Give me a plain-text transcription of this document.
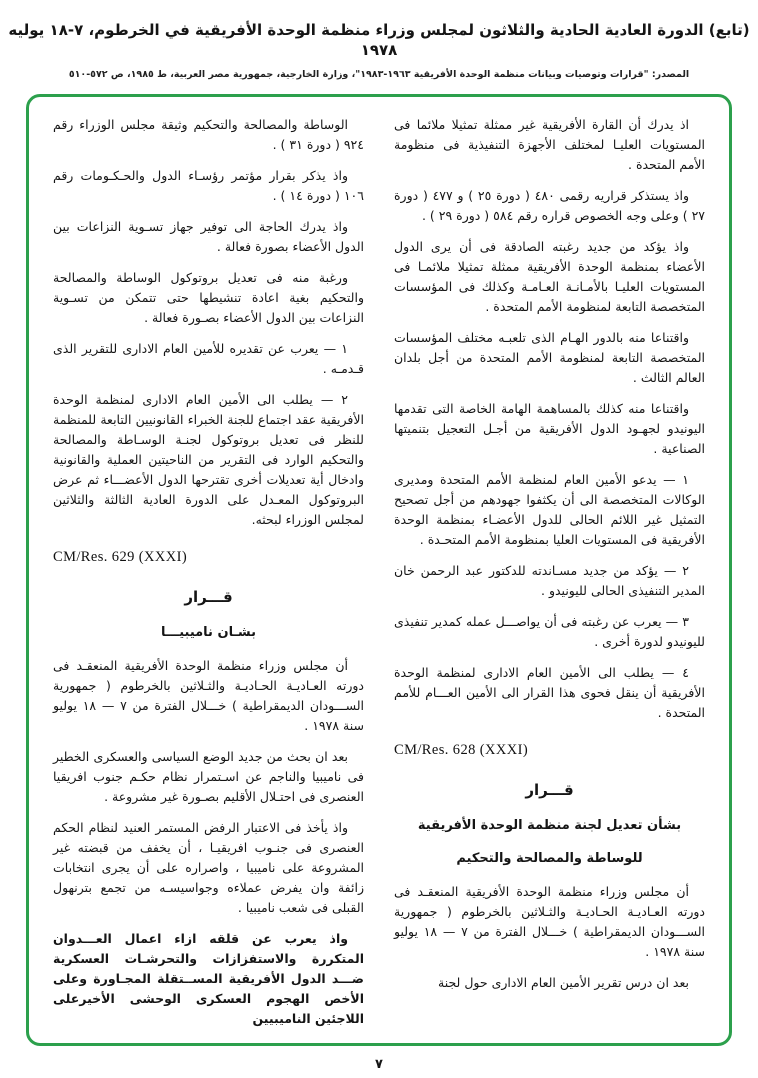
(تابع) الدورة العادية الحادية والثلاثون لمجلس وزراء منظمة الوحدة الأفريقية في الخرطوم، ٧-١٨ يوليه ١٩٧٨
المصدر: "قرارات وتوصيات وبيانات منظمة الوحدة الأفريقية ١٩٦٣-١٩٨٣"، وزارة الخارجية، جمهورية مصر العربية، ط ١٩٨٥، ص ٥٧٢-٥١٠
اذ يدرك أن القارة الأفريقية غير ممثلة تمثيلا ملائما فى المستويات العليـا لمختلف الأجهزة التنفيذية فى منظومة الأمم المتحدة .
واذ يستذكر قراريه رقمى ٤٨٠ ( دورة ٢٥ ) و ٤٧٧ ( دورة ٢٧ ) وعلى وجه الخصوص قراره رقم ٥٨٤ ( دورة ٢٩ ) .
واذ يؤكد من جديد رغبته الصادقة فى أن يرى الدول الأعضاء بمنظمة الوحدة الأفريقية ممثلة تمثيلا ملائمـا فى المستويات العليـا بالأمـانـة العـامـة وكذلك فى المؤسسات المتخصصة التابعة لمنظومة الأمم المتحدة .
واقتناعا منه بالدور الهـام الذى تلعبـه مختلف المؤسسات المتخصصة التابعة لمنظومة الأمم المتحدة من أجل بلدان العالم الثالث .
واقتناعا منه كذلك بالمساهمة الهامة الخاصة التى تقدمها اليونيدو لجهـود الدول الأفريقية من أجـل التعجيل بتنميتها الصناعية .
١ — يدعو الأمين العام لمنظمة الأمم المتحدة ومديرى الوكالات المتخصصة الى أن يكثفوا جهودهم من أجل تصحيح التمثيل غير اللائم الحالى للدول الأعضـاء بمنظمة الوحدة الأفريقية فى المستويات العليا بمنظومة الأمم المتحـدة .
٢ — يؤكد من جديد مسـاندته للدكتور عبد الرحمن خان المدير التنفيذى الحالى لليونيدو .
٣ — يعرب عن رغبته فى أن يواصـــل عمله كمدير تنفيذى لليونيدو لدورة أخرى .
٤ — يطلب الى الأمين العام الادارى لمنظمة الوحدة الأفريقية أن ينقل فحوى هذا القرار الى الأمين العـــام للأمم المتحدة .
CM/Res. 628 (XXXI)
قـــرار
بشأن تعديل لجنة منظمة الوحدة الأفريقية
للوساطة والمصالحة والتحكيم
أن مجلس وزراء منظمة الوحدة الأفريقية المنعقـد فى دورته العـاديـة الحـاديـة والثـلاثين بالخرطوم ( جمهورية الســـودان الديمقراطية ) خـــلال الفترة من ٧ — ١٨ يوليو سنة ١٩٧٨ .
بعد ان درس تقرير الأمين العام الادارى حول لجنة
الوساطة والمصالحة والتحكيم وثيقة مجلس الوزراء رقم ٩٢٤ ( دورة ٣١ ) .
واذ يذكر بقرار مؤتمر رؤسـاء الدول والحـكـومات رقم ١٠٦ ( دورة ١٤ ) .
واذ يدرك الحاجة الى توفير جهاز تسـوية النزاعات بين الدول الأعضاء بصورة فعالة .
ورغبة منه فى تعديل بروتوكول الوساطة والمصالحة والتحكيم بغية اعادة تنشيطها حتى تتمكن من تسـوية النزاعات بين الدول الأعضاء بصـورة فعالة .
١ — يعرب عن تقديره للأمين العام الادارى للتقرير الذى قـدمـه .
٢ — يطلب الى الأمين العام الادارى لمنظمة الوحدة الأفريقية عقد اجتماع للجنة الخبراء القانونيين التابعة للمنظمة للنظر فى تعديل بروتوكول لجنـة الوسـاطة والمصالحة والتحكيم الوارد فى التقرير من الناحيتين العملية والقانونية وادخال أية تعديلات أخرى تقترحها الدول الأعضـــاء ثم عرض البروتوكول المعـدل على الدورة العادية الثالثة والثلاثين لمجلس الوزراء لبحثه.
CM/Res. 629 (XXXI)
قـــرار
بشـان ناميبيـــا
أن مجلس وزراء منظمة الوحدة الأفريقية المنعقـد فى دورته العـاديـة الحـاديـة والثـلاثين بالخرطوم ( جمهورية الســـودان الديمقراطية ) خـــلال الفترة من ٧ — ١٨ يوليو سنة ١٩٧٨ .
بعد ان بحث من جديد الوضع السياسى والعسكرى الخطير فى ناميبيا والناجم عن اسـتمرار نظام حكـم جنوب افريقيا العنصرى فى احتـلال الأقليم بصـورة غير مشروعة .
واذ يأخذ فى الاعتبار الرفض المستمر العنيد لنظام الحكم العنصرى فى جنـوب افريقيـا ، أن يخفف من قبضته غير المشروعة على ناميبيا ، واصراره على أن يجرى انتخابات زائفة وان يفرض عملاءه وجواسيسـه من تجمع بترنهول القبلى فى شعب ناميبيا .
واذ يعرب عن قلقه ازاء اعمال العـــدوان المتكررة والاستفزازات والتحرشـات العسكرية ضـــد الدول الأفريقية المســتقلة المجـاورة وعلى الأخص الهجوم العسكرى الوحشى الأخيرعلى اللاجئين الناميبيين
٧
